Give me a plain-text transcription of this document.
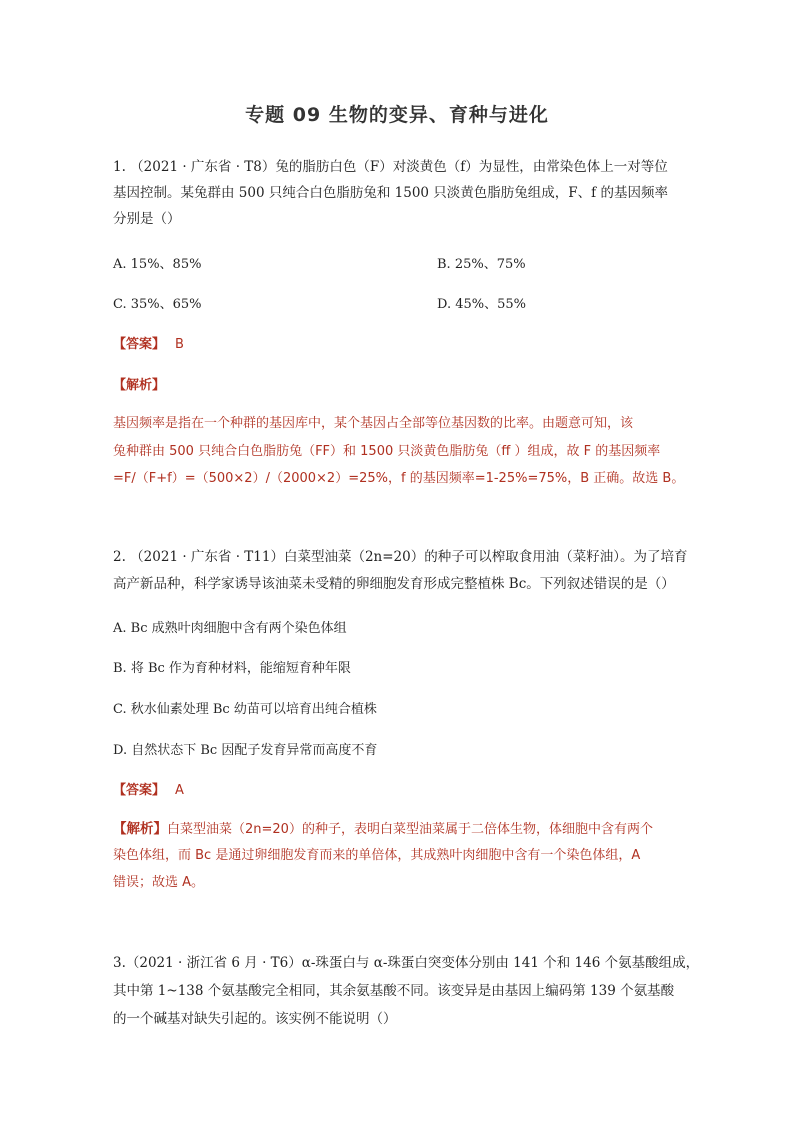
专题 09 生物的变异、育种与进化
1. （2021 · 广东省 · T8）兔的脂肪白色（F）对淡黄色（f）为显性，由常染色体上一对等位
基因控制。某兔群由 500 只纯合白色脂肪兔和 1500 只淡黄色脂肪兔组成，F、f 的基因频率
分别是（）
A. 15%、85%	B. 25%、75%
C. 35%、65%	D. 45%、55%
【答案】 B
【解析】
基因频率是指在一个种群的基因库中，某个基因占全部等位基因数的比率。由题意可知，该
兔种群由 500 只纯合白色脂肪兔（FF）和 1500 只淡黄色脂肪兔（ff ）组成，故 F 的基因频率
=F/（F+f）=（500×2）/（2000×2）=25%，f 的基因频率=1-25%=75%，B 正确。故选 B。
2. （2021 · 广东省 · T11）白菜型油菜（2n=20）的种子可以榨取食用油（菜籽油）。为了培育
高产新品种，科学家诱导该油菜未受精的卵细胞发育形成完整植株 Bc。下列叙述错误的是（）
A. Bc 成熟叶肉细胞中含有两个染色体组
B. 将 Bc 作为育种材料，能缩短育种年限
C. 秋水仙素处理 Bc 幼苗可以培育出纯合植株
D. 自然状态下 Bc 因配子发育异常而高度不育
【答案】 A
【解析】白菜型油菜（2n=20）的种子，表明白菜型油菜属于二倍体生物，体细胞中含有两个
染色体组，而 Bc 是通过卵细胞发育而来的单倍体，其成熟叶肉细胞中含有一个染色体组，A
错误；故选 A。
3.（2021 · 浙江省 6 月 · T6）α-珠蛋白与 α-珠蛋白突变体分别由 141 个和 146 个氨基酸组成，
其中第 1~138 个氨基酸完全相同，其余氨基酸不同。该变异是由基因上编码第 139 个氨基酸
的一个碱基对缺失引起的。该实例不能说明（）
